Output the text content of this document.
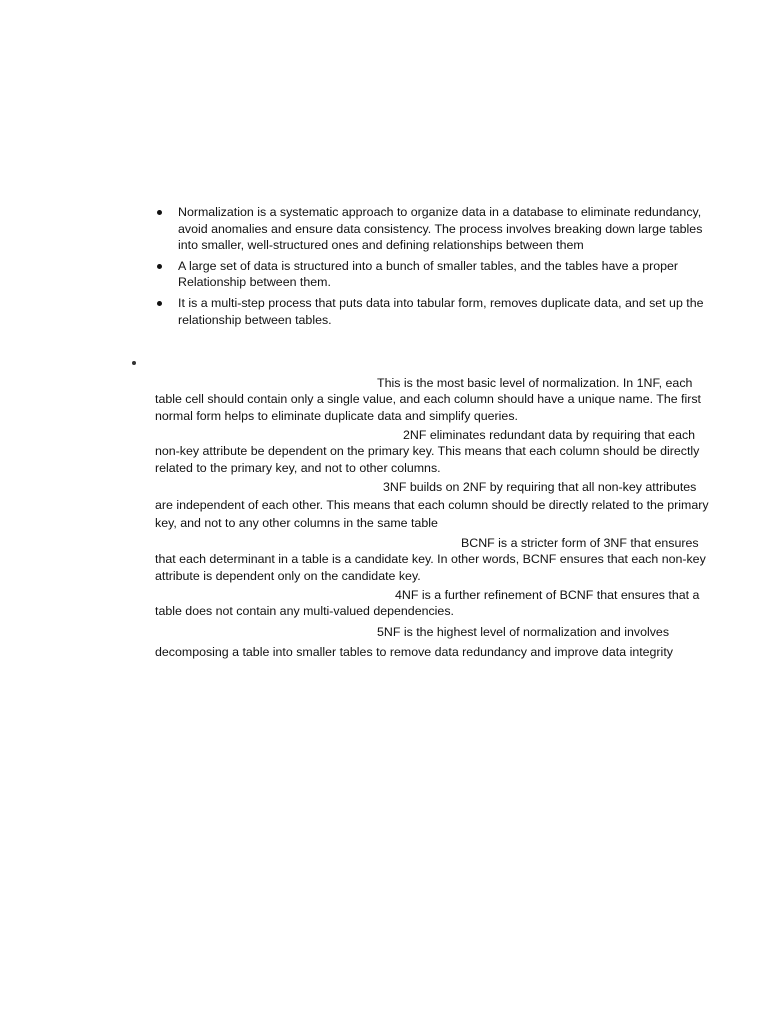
Normalization is a systematic approach to organize data in a database to eliminate redundancy, avoid anomalies and ensure data consistency. The process involves breaking down large tables into smaller, well-structured ones and defining relationships between them
A large set of data is structured into a bunch of smaller tables, and the tables have a proper Relationship between them.
It is a multi-step process that puts data into tabular form, removes duplicate data, and set up the relationship between tables.

This is the most basic level of normalization. In 1NF, each table cell should contain only a single value, and each column should have a unique name. The first normal form helps to eliminate duplicate data and simplify queries.

2NF eliminates redundant data by requiring that each non-key attribute be dependent on the primary key. This means that each column should be directly related to the primary key, and not to other columns.

3NF builds on 2NF by requiring that all non-key attributes are independent of each other. This means that each column should be directly related to the primary key, and not to any other columns in the same table

BCNF is a stricter form of 3NF that ensures that each determinant in a table is a candidate key. In other words, BCNF ensures that each non-key attribute is dependent only on the candidate key.

4NF is a further refinement of BCNF that ensures that a table does not contain any multi-valued dependencies.

5NF is the highest level of normalization and involves decomposing a table into smaller tables to remove data redundancy and improve data integrity
